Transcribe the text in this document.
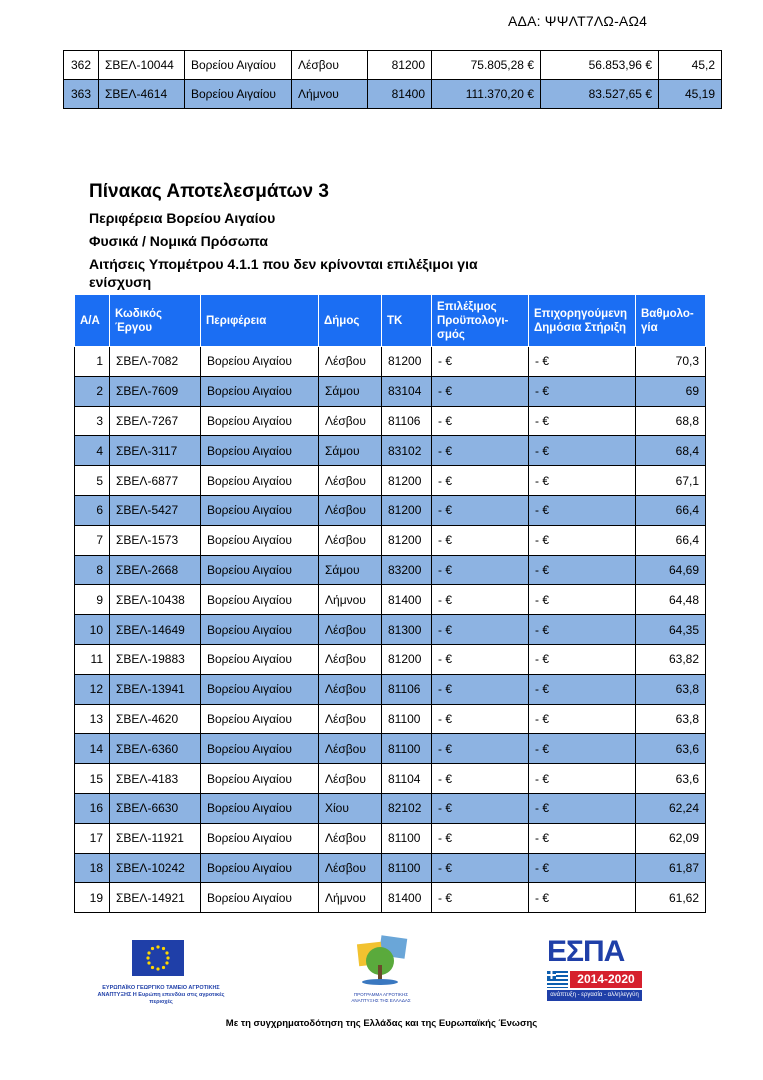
ΑΔΑ: ΨΨΛΤ7ΛΩ-ΑΩ4
362	ΣΒΕΛ-10044	Βορείου Αιγαίου	Λέσβου	81200	75.805,28 €	56.853,96 €	45,2
363	ΣΒΕΛ-4614	Βορείου Αιγαίου	Λήμνου	81400	111.370,20 €	83.527,65 €	45,19
Πίνακας Αποτελεσμάτων 3
Περιφέρεια Βορείου Αιγαίου
Φυσικά / Νομικά Πρόσωπα
Αιτήσεις Υπομέτρου 4.1.1 που δεν κρίνονται επιλέξιμοι για
ενίσχυση
Α/Α	Κωδικός Έργου	Περιφέρεια	Δήμος	ΤΚ	Επιλέξιμος Προϋπολογι-σμός	Επιχορηγούμενη Δημόσια Στήριξη	Βαθμολο-γία
1	ΣΒΕΛ-7082	Βορείου Αιγαίου	Λέσβου	81200	- €	- €	70,3
2	ΣΒΕΛ-7609	Βορείου Αιγαίου	Σάμου	83104	- €	- €	69
3	ΣΒΕΛ-7267	Βορείου Αιγαίου	Λέσβου	81106	- €	- €	68,8
4	ΣΒΕΛ-3117	Βορείου Αιγαίου	Σάμου	83102	- €	- €	68,4
5	ΣΒΕΛ-6877	Βορείου Αιγαίου	Λέσβου	81200	- €	- €	67,1
6	ΣΒΕΛ-5427	Βορείου Αιγαίου	Λέσβου	81200	- €	- €	66,4
7	ΣΒΕΛ-1573	Βορείου Αιγαίου	Λέσβου	81200	- €	- €	66,4
8	ΣΒΕΛ-2668	Βορείου Αιγαίου	Σάμου	83200	- €	- €	64,69
9	ΣΒΕΛ-10438	Βορείου Αιγαίου	Λήμνου	81400	- €	- €	64,48
10	ΣΒΕΛ-14649	Βορείου Αιγαίου	Λέσβου	81300	- €	- €	64,35
11	ΣΒΕΛ-19883	Βορείου Αιγαίου	Λέσβου	81200	- €	- €	63,82
12	ΣΒΕΛ-13941	Βορείου Αιγαίου	Λέσβου	81106	- €	- €	63,8
13	ΣΒΕΛ-4620	Βορείου Αιγαίου	Λέσβου	81100	- €	- €	63,8
14	ΣΒΕΛ-6360	Βορείου Αιγαίου	Λέσβου	81100	- €	- €	63,6
15	ΣΒΕΛ-4183	Βορείου Αιγαίου	Λέσβου	81104	- €	- €	63,6
16	ΣΒΕΛ-6630	Βορείου Αιγαίου	Χίου	82102	- €	- €	62,24
17	ΣΒΕΛ-11921	Βορείου Αιγαίου	Λέσβου	81100	- €	- €	62,09
18	ΣΒΕΛ-10242	Βορείου Αιγαίου	Λέσβου	81100	- €	- €	61,87
19	ΣΒΕΛ-14921	Βορείου Αιγαίου	Λήμνου	81400	- €	- €	61,62
ΕΥΡΩΠΑΪΚΟ ΓΕΩΡΓΙΚΟ ΤΑΜΕΙΟ ΑΓΡΟΤΙΚΗΣ ΑΝΑΠΤΥΞΗΣ Η Ευρώπη επενδύει στις αγροτικές περιοχές
ΠΡΟΓΡΑΜΜΑ ΑΓΡΟΤΙΚΗΣ ΑΝΑΠΤΥΞΗΣ ΤΗΣ ΕΛΛΑΔΑΣ
ΕΣΠΑ
2014-2020
ανάπτυξη - εργασία - αλληλεγγύη
Με τη συγχρηματοδότηση της Ελλάδας και της Ευρωπαϊκής Ένωσης
